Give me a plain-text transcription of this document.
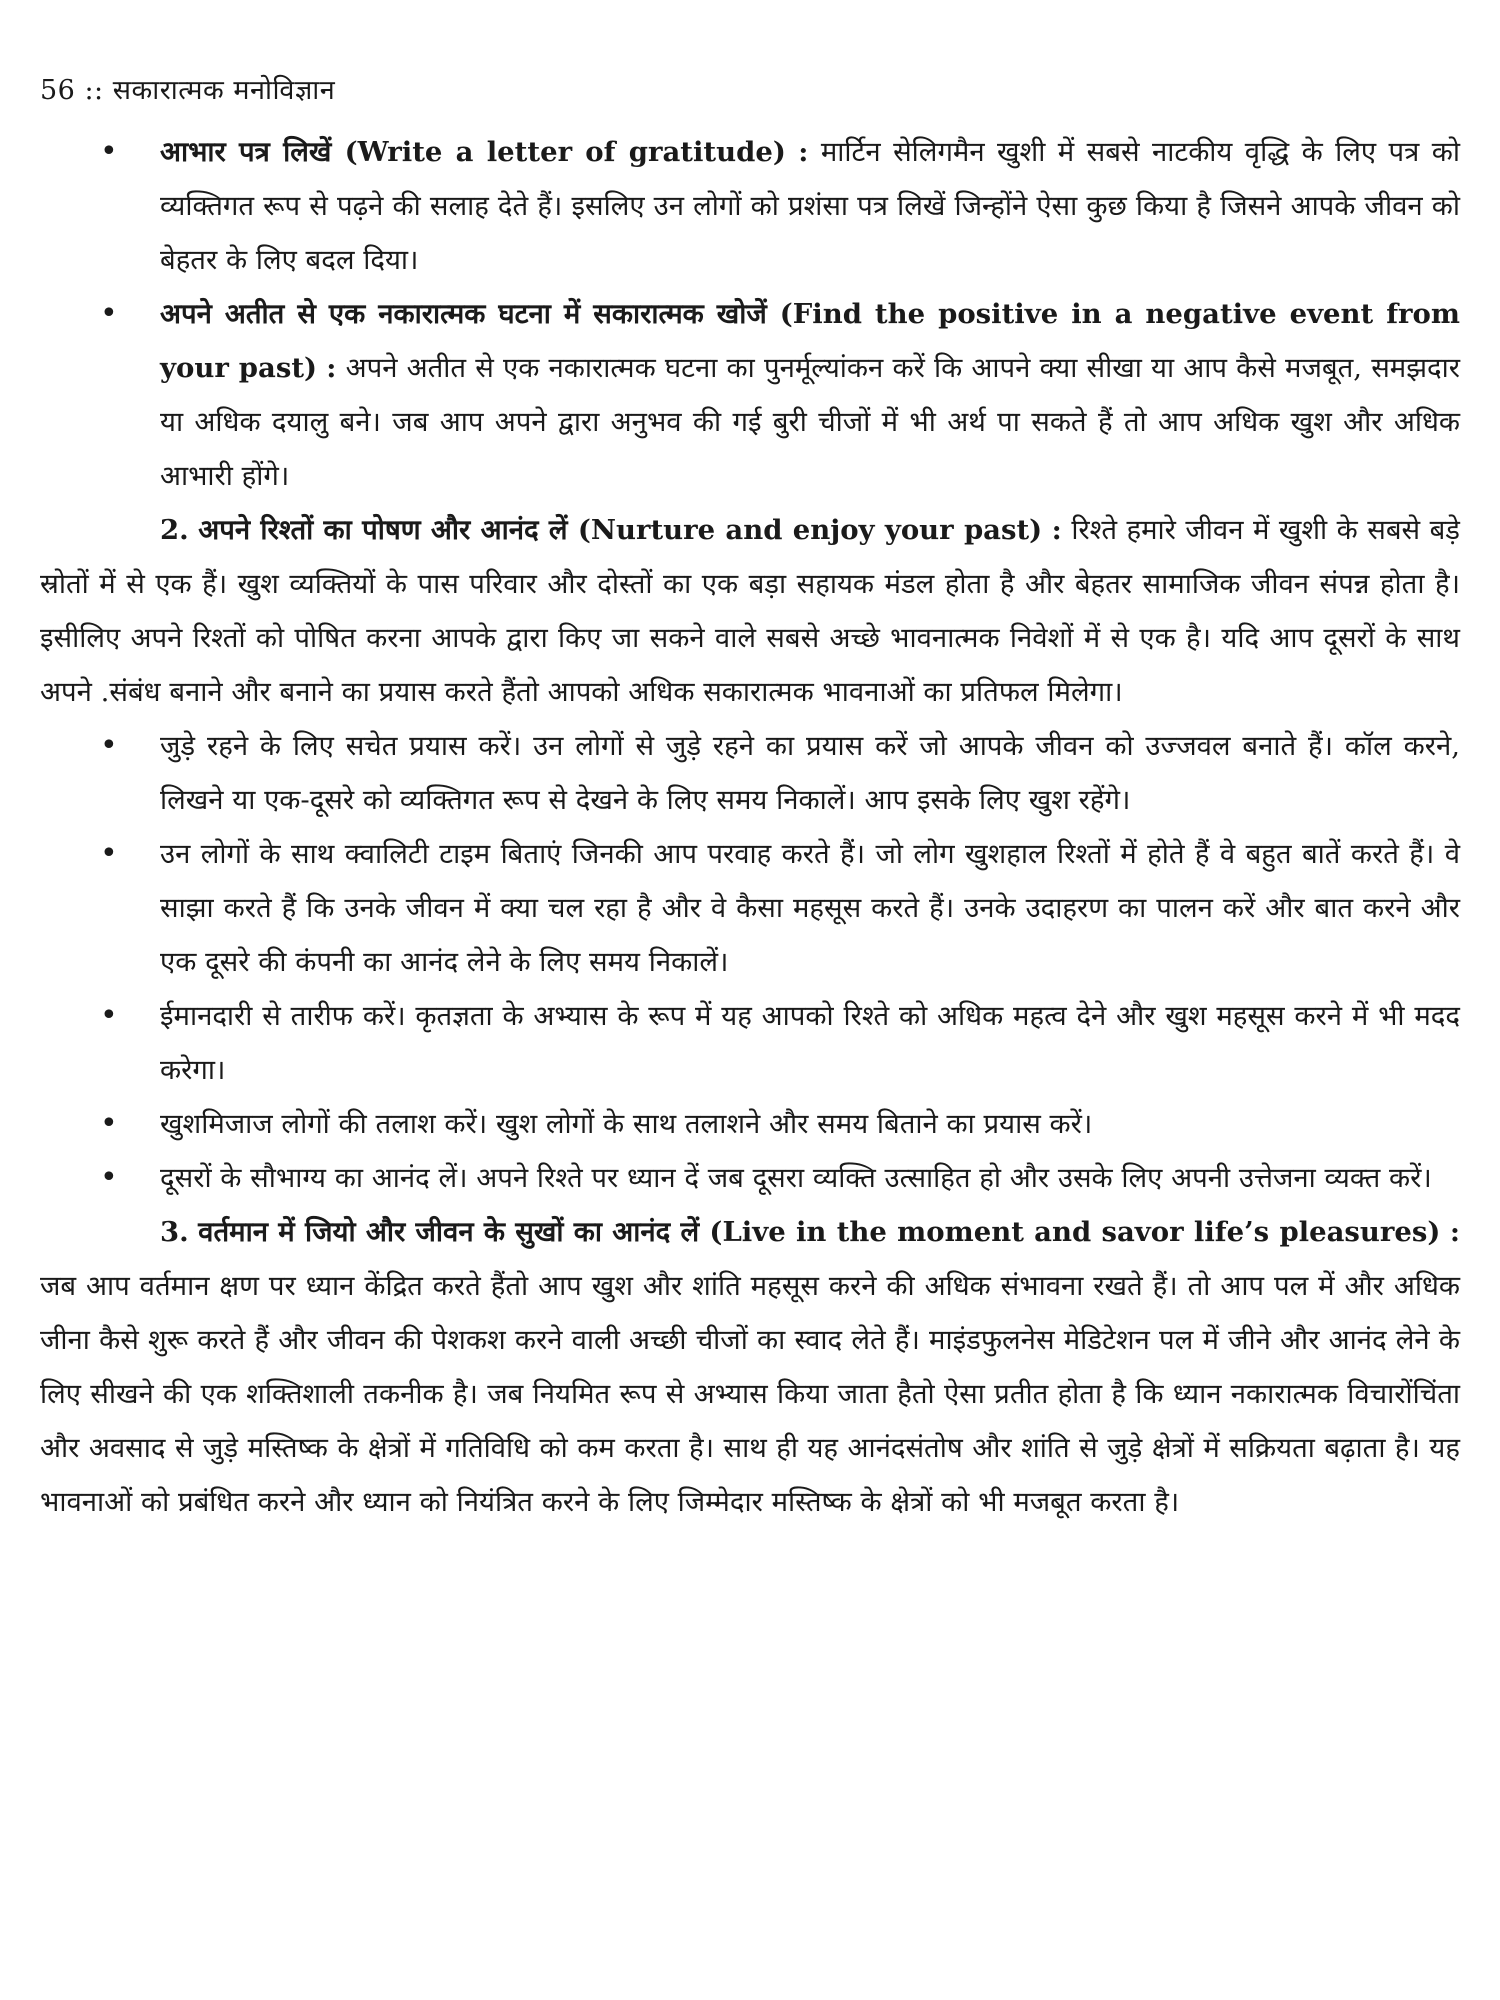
56 :: सकारात्मक मनोविज्ञान
• आभार पत्र लिखें (Write a letter of gratitude) : मार्टिन सेलिगमैन खुशी में सबसे नाटकीय वृद्धि के लिए पत्र को व्यक्तिगत रूप से पढ़ने की सलाह देते हैं। इसलिए उन लोगों को प्रशंसा पत्र लिखें जिन्होंने ऐसा कुछ किया है जिसने आपके जीवन को बेहतर के लिए बदल दिया।
• अपने अतीत से एक नकारात्मक घटना में सकारात्मक खोजें (Find the positive in a negative event from your past) : अपने अतीत से एक नकारात्मक घटना का पुनर्मूल्यांकन करें कि आपने क्या सीखा या आप कैसे मजबूत, समझदार या अधिक दयालु बने। जब आप अपने द्वारा अनुभव की गई बुरी चीजों में भी अर्थ पा सकते हैं तो आप अधिक खुश और अधिक आभारी होंगे।

2. अपने रिश्तों का पोषण और आनंद लें (Nurture and enjoy your past) : रिश्ते हमारे जीवन में खुशी के सबसे बड़े स्रोतों में से एक हैं। खुश व्यक्तियों के पास परिवार और दोस्तों का एक बड़ा सहायक मंडल होता है और बेहतर सामाजिक जीवन संपन्न होता है। इसीलिए अपने रिश्तों को पोषित करना आपके द्वारा किए जा सकने वाले सबसे अच्छे भावनात्मक निवेशों में से एक है। यदि आप दूसरों के साथ अपने .संबंध बनाने और बनाने का प्रयास करते हैंतो आपको अधिक सकारात्मक भावनाओं का प्रतिफल मिलेगा।

• जुड़े रहने के लिए सचेत प्रयास करें। उन लोगों से जुड़े रहने का प्रयास करें जो आपके जीवन को उज्जवल बनाते हैं। कॉल करने, लिखने या एक-दूसरे को व्यक्तिगत रूप से देखने के लिए समय निकालें। आप इसके लिए खुश रहेंगे।
• उन लोगों के साथ क्वालिटी टाइम बिताएं जिनकी आप परवाह करते हैं। जो लोग खुशहाल रिश्तों में होते हैं वे बहुत बातें करते हैं। वे साझा करते हैं कि उनके जीवन में क्या चल रहा है और वे कैसा महसूस करते हैं। उनके उदाहरण का पालन करें और बात करने और एक दूसरे की कंपनी का आनंद लेने के लिए समय निकालें।
• ईमानदारी से तारीफ करें। कृतज्ञता के अभ्यास के रूप में यह आपको रिश्ते को अधिक महत्व देने और खुश महसूस करने में भी मदद करेगा।
• खुशमिजाज लोगों की तलाश करें। खुश लोगों के साथ तलाशने और समय बिताने का प्रयास करें।
• दूसरों के सौभाग्य का आनंद लें। अपने रिश्ते पर ध्यान दें जब दूसरा व्यक्ति उत्साहित हो और उसके लिए अपनी उत्तेजना व्यक्त करें।

3. वर्तमान में जियो और जीवन के सुखों का आनंद लें (Live in the moment and savor life’s pleasures) : जब आप वर्तमान क्षण पर ध्यान केंद्रित करते हैंतो आप खुश और शांति महसूस करने की अधिक संभावना रखते हैं। तो आप पल में और अधिक जीना कैसे शुरू करते हैं और जीवन की पेशकश करने वाली अच्छी चीजों का स्वाद लेते हैं। माइंडफुलनेस मेडिटेशन पल में जीने और आनंद लेने के लिए सीखने की एक शक्तिशाली तकनीक है। जब नियमित रूप से अभ्यास किया जाता हैतो ऐसा प्रतीत होता है कि ध्यान नकारात्मक विचारोंचिंता और अवसाद से जुड़े मस्तिष्क के क्षेत्रों में गतिविधि को कम करता है। साथ ही यह आनंदसंतोष और शांति से जुड़े क्षेत्रों में सक्रियता बढ़ाता है। यह भावनाओं को प्रबंधित करने और ध्यान को नियंत्रित करने के लिए जिम्मेदार मस्तिष्क के क्षेत्रों को भी मजबूत करता है।
